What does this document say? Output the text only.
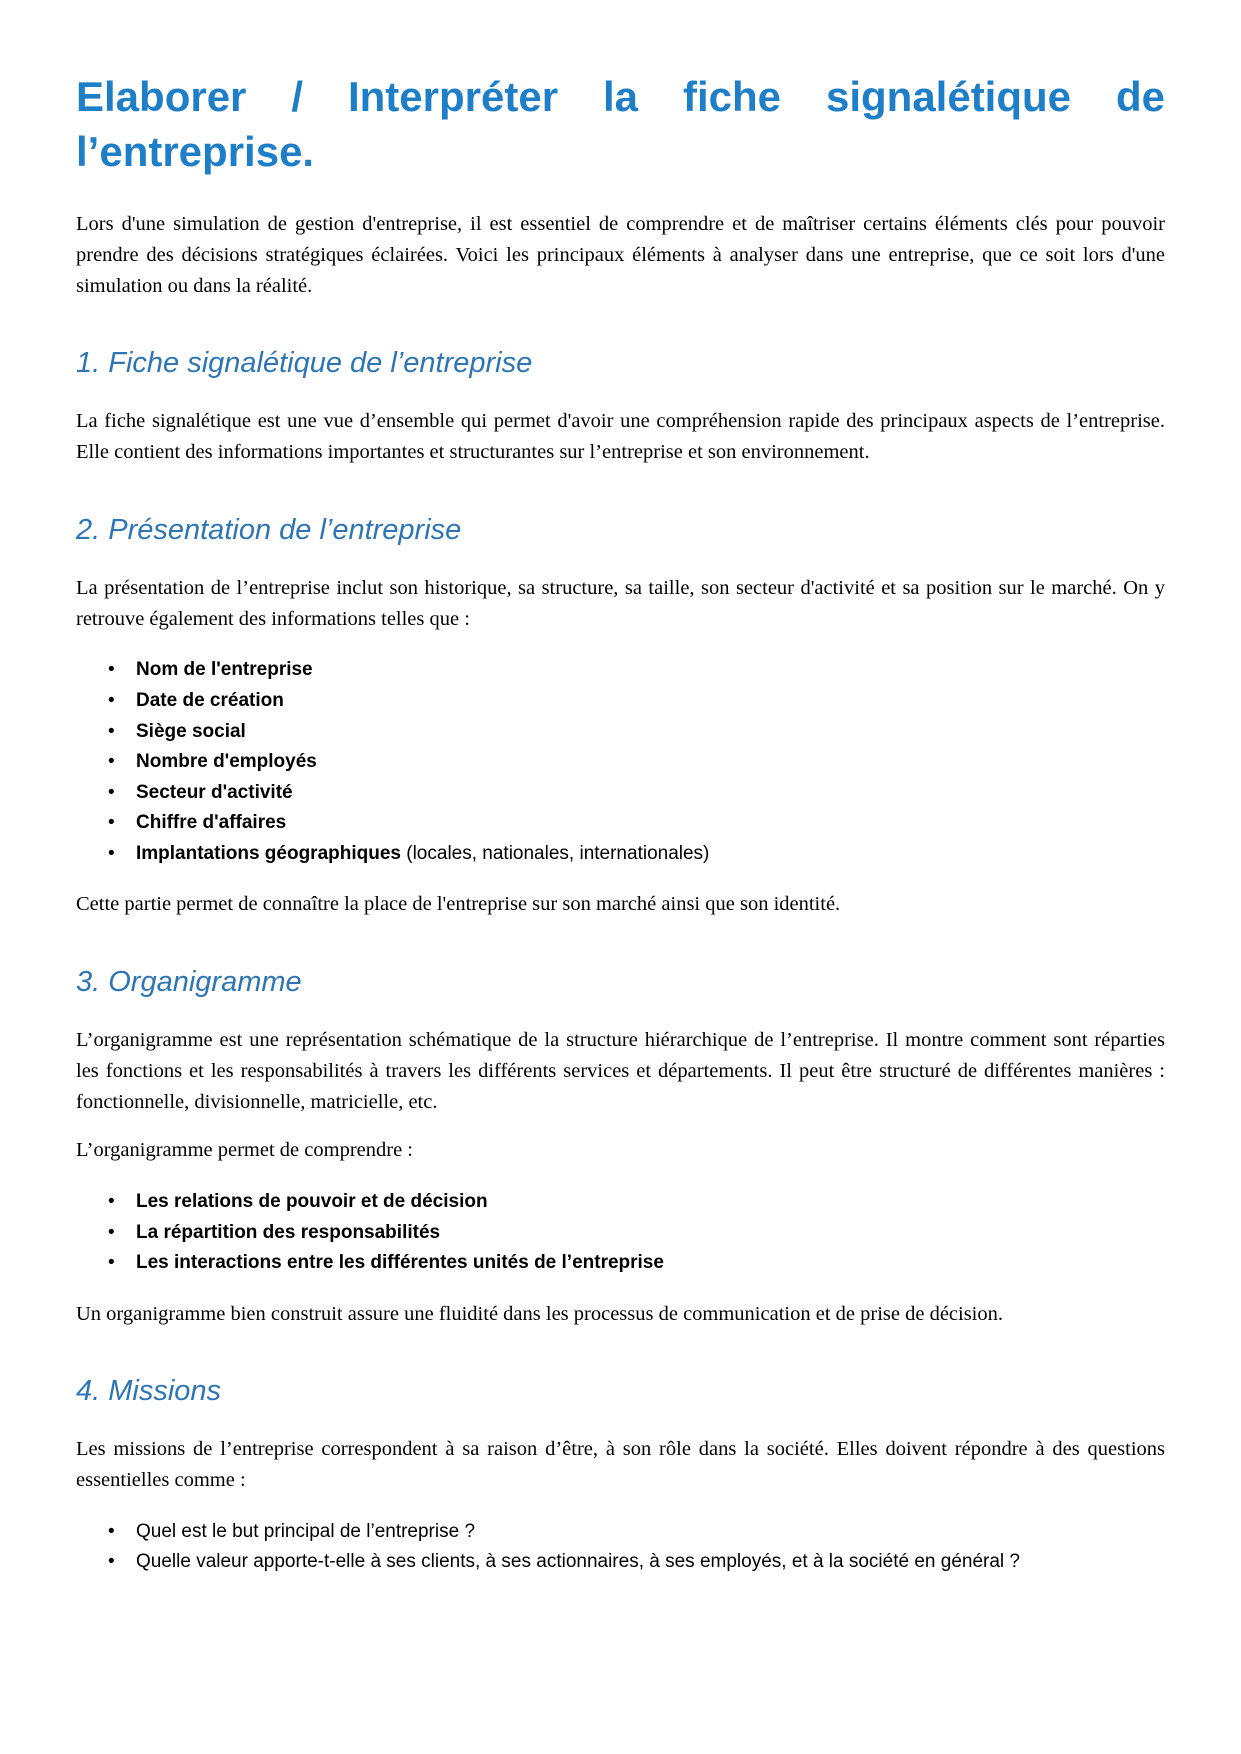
Elaborer / Interpréter la fiche signalétique de l’entreprise.

Lors d'une simulation de gestion d'entreprise, il est essentiel de comprendre et de maîtriser certains éléments clés pour pouvoir prendre des décisions stratégiques éclairées. Voici les principaux éléments à analyser dans une entreprise, que ce soit lors d'une simulation ou dans la réalité.

1. Fiche signalétique de l’entreprise

La fiche signalétique est une vue d’ensemble qui permet d'avoir une compréhension rapide des principaux aspects de l’entreprise. Elle contient des informations importantes et structurantes sur l’entreprise et son environnement.

2. Présentation de l’entreprise

La présentation de l’entreprise inclut son historique, sa structure, sa taille, son secteur d'activité et sa position sur le marché. On y retrouve également des informations telles que :

• Nom de l'entreprise
• Date de création
• Siège social
• Nombre d'employés
• Secteur d'activité
• Chiffre d'affaires
• Implantations géographiques (locales, nationales, internationales)

Cette partie permet de connaître la place de l'entreprise sur son marché ainsi que son identité.

3. Organigramme

L’organigramme est une représentation schématique de la structure hiérarchique de l’entreprise. Il montre comment sont réparties les fonctions et les responsabilités à travers les différents services et départements. Il peut être structuré de différentes manières : fonctionnelle, divisionnelle, matricielle, etc.

L’organigramme permet de comprendre :

• Les relations de pouvoir et de décision
• La répartition des responsabilités
• Les interactions entre les différentes unités de l’entreprise

Un organigramme bien construit assure une fluidité dans les processus de communication et de prise de décision.

4. Missions

Les missions de l’entreprise correspondent à sa raison d’être, à son rôle dans la société. Elles doivent répondre à des questions essentielles comme :

• Quel est le but principal de l’entreprise ?
• Quelle valeur apporte-t-elle à ses clients, à ses actionnaires, à ses employés, et à la société en général ?
